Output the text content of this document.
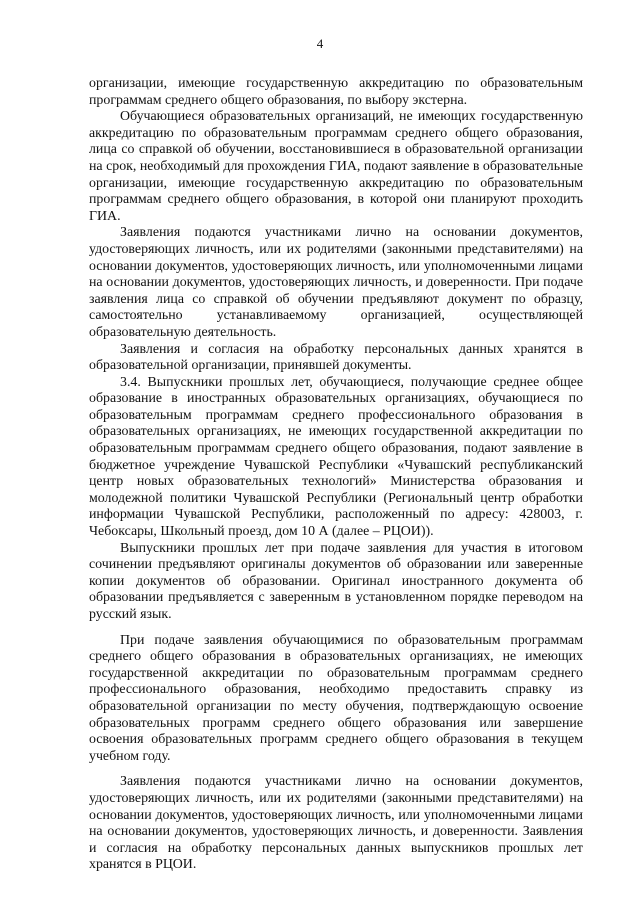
4

организации, имеющие государственную аккредитацию по образовательным программам среднего общего образования, по выбору экстерна.

Обучающиеся образовательных организаций, не имеющих государственную аккредитацию по образовательным программам среднего общего образования, лица со справкой об обучении, восстановившиеся в образовательной организации на срок, необходимый для прохождения ГИА, подают заявление в образовательные организации, имеющие государственную аккредитацию по образовательным программам среднего общего образования, в которой они планируют проходить ГИА.

Заявления подаются участниками лично на основании документов, удостоверяющих личность, или их родителями (законными представителями) на основании документов, удостоверяющих личность, или уполномоченными лицами на основании документов, удостоверяющих личность, и доверенности. При подаче заявления лица со справкой об обучении предъявляют документ по образцу, самостоятельно устанавливаемому организацией, осуществляющей образовательную деятельность.

Заявления и согласия на обработку персональных данных хранятся в образовательной организации, принявшей документы.

3.4. Выпускники прошлых лет, обучающиеся, получающие среднее общее образование в иностранных образовательных организациях, обучающиеся по образовательным программам среднего профессионального образования в образовательных организациях, не имеющих государственной аккредитации по образовательным программам среднего общего образования, подают заявление в бюджетное учреждение Чувашской Республики «Чувашский республиканский центр новых образовательных технологий» Министерства образования и молодежной политики Чувашской Республики (Региональный центр обработки информации Чувашской Республики, расположенный по адресу: 428003, г. Чебоксары, Школьный проезд, дом 10 А (далее – РЦОИ)).

Выпускники прошлых лет при подаче заявления для участия в итоговом сочинении предъявляют оригиналы документов об образовании или заверенные копии документов об образовании. Оригинал иностранного документа об образовании предъявляется с заверенным в установленном порядке переводом на русский язык.

При подаче заявления обучающимися по образовательным программам среднего общего образования в образовательных организациях, не имеющих государственной аккредитации по образовательным программам среднего профессионального образования, необходимо предоставить справку из образовательной организации по месту обучения, подтверждающую освоение образовательных программ среднего общего образования или завершение освоения образовательных программ среднего общего образования в текущем учебном году.

Заявления подаются участниками лично на основании документов, удостоверяющих личность, или их родителями (законными представителями) на основании документов, удостоверяющих личность, или уполномоченными лицами на основании документов, удостоверяющих личность, и доверенности. Заявления и согласия на обработку персональных данных выпускников прошлых лет хранятся в РЦОИ.
